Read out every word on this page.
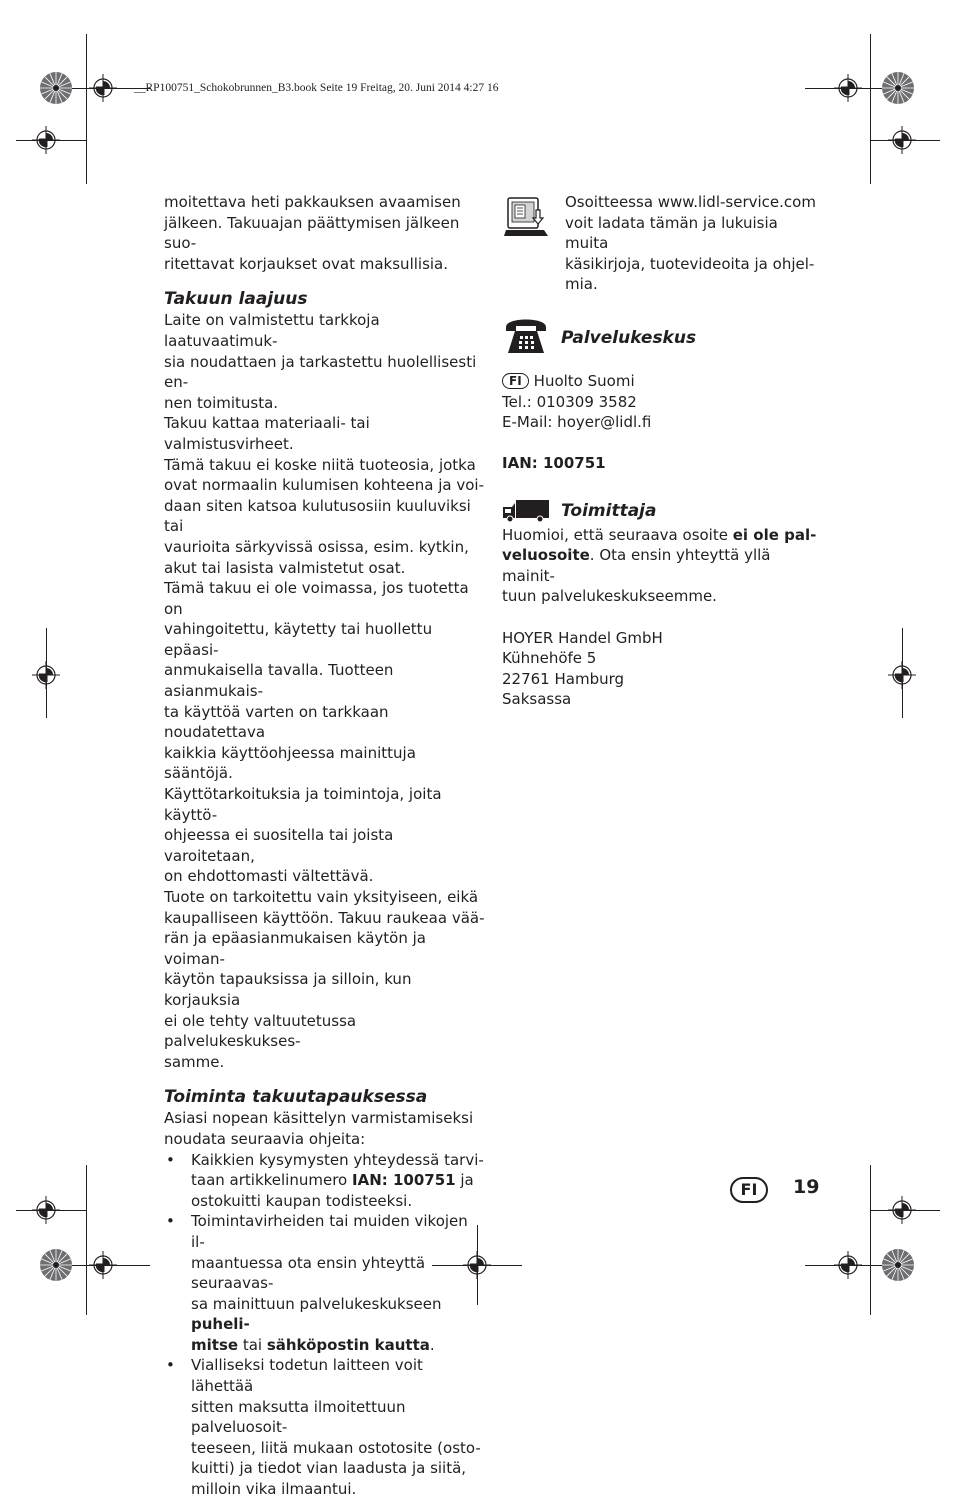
__RP100751_Schokobrunnen_B3.book Seite 19 Freitag, 20. Juni 2014 4:27 16

moitettava heti pakkauksen avaamisen
jälkeen. Takuuajan päättymisen jälkeen suo-
ritettavat korjaukset ovat maksullisia.

Takuun laajuus

Laite on valmistettu tarkkoja laatuvaatimuk-
sia noudattaen ja tarkastettu huolellisesti en-
nen toimitusta.
Takuu kattaa materiaali- tai valmistusvirheet.
Tämä takuu ei koske niitä tuoteosia, jotka
ovat normaalin kulumisen kohteena ja voi-
daan siten katsoa kulutusosiin kuuluviksi tai
vaurioita särkyvissä osissa, esim. kytkin,
akut tai lasista valmistetut osat.
Tämä takuu ei ole voimassa, jos tuotetta on
vahingoitettu, käytetty tai huollettu epäasi-
anmukaisella tavalla. Tuotteen asianmukais-
ta käyttöä varten on tarkkaan noudatettava
kaikkia käyttöohjeessa mainittuja sääntöjä.
Käyttötarkoituksia ja toimintoja, joita käyttö-
ohjeessa ei suositella tai joista varoitetaan,
on ehdottomasti vältettävä.
Tuote on tarkoitettu vain yksityiseen, eikä
kaupalliseen käyttöön. Takuu raukeaa vää-
rän ja epäasianmukaisen käytön ja voiman-
käytön tapauksissa ja silloin, kun korjauksia
ei ole tehty valtuutetussa palvelukeskukses-
samme.

Toiminta takuutapauksessa

Asiasi nopean käsittelyn varmistamiseksi
noudata seuraavia ohjeita:

• Kaikkien kysymysten yhteydessä tarvi-
taan artikkelinumero IAN: 100751 ja
ostokuitti kaupan todisteeksi.
• Toimintavirheiden tai muiden vikojen il-
maantuessa ota ensin yhteyttä seuraavas-
sa mainittuun palvelukeskukseen puheli-
mitse tai sähköpostin kautta.
• Vialliseksi todetun laitteen voit lähettää
sitten maksutta ilmoitettuun palveluosoit-
teeseen, liitä mukaan ostotosite (osto-
kuitti) ja tiedot vian laadusta ja siitä,
milloin vika ilmaantui.
Osoitteessa www.lidl-service.com
voit ladata tämän ja lukuisia muita
käsikirjoja, tuotevideoita ja ohjel-
mia.
Palvelukeskus
FI Huolto Suomi
Tel.: 010309 3582
E-Mail: hoyer@lidl.fi
IAN: 100751
Toimittaja

Huomioi, että seuraava osoite ei ole pal-
veluosoite. Ota ensin yhteyttä yllä mainit-
tuun palvelukeskukseemme.

HOYER Handel GmbH
Kühnehöfe 5
22761 Hamburg
Saksassa

FI	19
